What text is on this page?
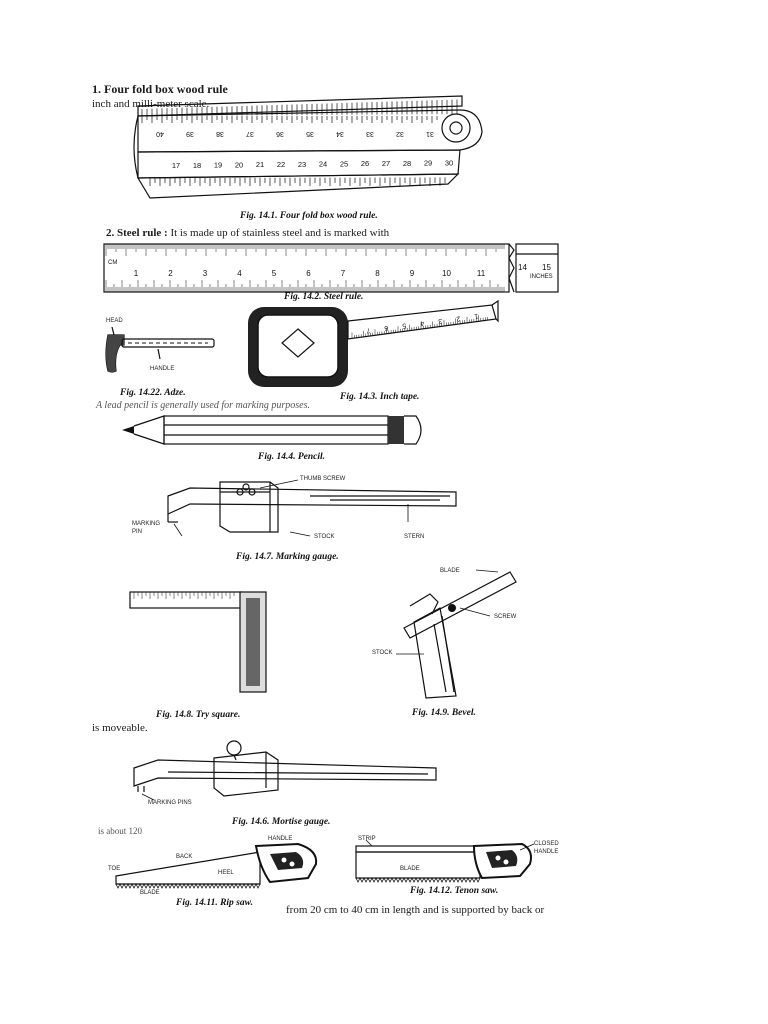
1. Four fold box wood rule
inch and milli-meter scale.
31
32
33
34
35
36
37
38
39
40
17 18 19 20 21 22 23 24 25 26 27 28 29 30
Fig. 14.1. Four fold box wood rule.
2. Steel rule : It is made up of stainless steel and is marked with
1	2	3	4	5	6	7	8	9	10	11
CM	14 15
INCHES
Fig. 14.2. Steel rule.
HEAD
HANDLE
Fig. 14.22. Adze.
1
2
3
4
5
6
7
Fig. 14.3. Inch tape.
A lead pencil is generally used for marking purposes.
Fig. 14.4. Pencil.
THUMB SCREW
MARKING PIN
STOCK	STERN
Fig. 14.7. Marking gauge.
Fig. 14.8. Try square.
BLADE
SCREW
STOCK
Fig. 14.9. Bevel.
is moveable.
MARKING PINS
Fig. 14.6. Mortise gauge.
is about 120
HANDLE
BACK
TOE
HEEL
BLADE
Fig. 14.11. Rip saw.
STRIP
CLOSED HANDLE
BLADE
Fig. 14.12. Tenon saw.
from 20 cm to 40 cm in length and is supported by back or
